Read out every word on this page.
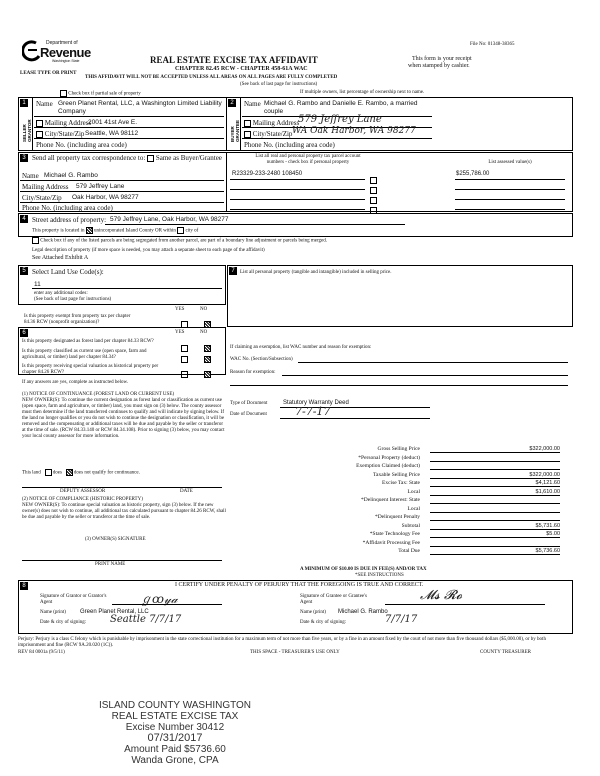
File No: 01348-38365
Department of
Revenue
Washington State
LEASE TYPE OR PRINT
REAL ESTATE EXCISE TAX AFFIDAVIT
CHAPTER 82.45 RCW - CHAPTER 458-61A WAC
This form is your receipt
when stamped by cashier.
THIS AFFIDAVIT WILL NOT BE ACCEPTED UNLESS ALL AREAS ON ALL PAGES ARE FULLY COMPLETED
(See back of last page for instructions)
Check box if partial sale of property	If multiple owners, list percentage of ownership next to name.
1
SELLER GRANTOR
Name Green Planet Rental, LLC, a Washington Limited Liability
Company
Mailing Address
2001 41st Ave E.
City/State/Zip Seattle, WA 98112
Phone No. (including area code)
2
BUYER GRANTEE
Name Michael G. Rambo and Danielle E. Rambo, a married
couple
Mailing Address
579 Jeffrey Lane
City/State/Zip WA Oak Harbor, WA 98277
Phone No. (including area code)
3 Send all property tax correspondence to: Same as Buyer/Grantee
Name Michael G. Rambo
Mailing Address 579 Jeffrey Lane
City/State/Zip Oak Harbor, WA 98277
Phone No. (including area code)
List all real and personal property tax parcel account
numbers - check box if personal property	List assessed value(s)
R23329-233-2480 108450	$255,786.00
4 Street address of property: 579 Jeffrey Lane, Oak Harbor, WA 98277
This property is located in unincorporated Island County OR within city of
Check box if any of the listed parcels are being segregated from another parcel, are part of a boundary line adjustment or parcels being merged.
Legal description of property (if more space is needed, you may attach a separate sheet to each page of the affidavit)
See Attached Exhibit A
5 Select Land Use Code(s):
11
enter any additional codes:
(See back of last page for instructions)
YES	NO
Is this property exempt from property tax per chapter
84.36 RCW (nonprofit organization)?
6	YES	NO
Is this property designated as forest land per chapter 84.33 RCW?
Is this property classified as current use (open space, farm and agricultural, or timber) land per chapter 84.34?
Is this property receiving special valuation as historical property per chapter 84.26 RCW?
If any answers are yes, complete as instructed below.
(1) NOTICE OF CONTINUANCE (FOREST LAND OR CURRENT USE)
NEW OWNER(S): To continue the current designation as forest land or classification as current use (open space, farm and agriculture, or timber) land, you must sign on (3) below. The county assessor must then determine if the land transferred continues to qualify and will indicate by signing below. If the land no longer qualifies or you do not wish to continue the designation or classification, it will be removed and the compensating or additional taxes will be due and payable by the seller or transferor at the time of sale. (RCW 84.33.140 or RCW 84.34.108). Prior to signing (3) below, you may contact your local county assessor for more information.
This land does does not qualify for continuance.
DEPUTY ASSESSOR	DATE
(2) NOTICE OF COMPLIANCE (HISTORIC PROPERTY)
NEW OWNER(S): To continue special valuation as historic property, sign (3) below. If the new owner(s) does not wish to continue, all additional tax calculated pursuant to chapter 84.26 RCW, shall be due and payable by the seller or transferor at the time of sale.
(3) OWNER(S) SIGNATURE
PRINT NAME
7	List all personal property (tangible and intangible) included in selling price.
If claiming an exemption, list WAC number and reason for exemption:
WAC No. (Section/Subsection)
Reason for exemption:
Type of Document	Statutory Warranty Deed
Date of Document	7-7-17
Gross Selling Price	$322,000.00
*Personal Property (deduct)
Exemption Claimed (deduct)
Taxable Selling Price	$322,000.00
Excise Tax: State	$4,121.60
Local	$1,610.00
*Delinquent Interest: State
Local
*Delinquent Penalty
Subtotal	$5,731.60
*State Technology Fee	$5.00
*Affidavit Processing Fee
Total Due	$5,736.60
A MINIMUM OF $10.00 IS DUE IN FEE(S) AND/OR TAX
*SEE INSTRUCTIONS
8	I CERTIFY UNDER PENALTY OF PERJURY THAT THE FOREGOING IS TRUE AND CORRECT.
Signature of Grantor or Grantor's Agent	ℊꝏ𝓎𝒶
Name (print) Green Planet Rental, LLC
Date & city of signing: Seattle 7/7/17
Signature of Grantee or Grantee's Agent	𝓜𝓼 𝓡𝓸
Name (print) Michael G. Rambo
Date & city of signing:	7/7/17
Perjury: Perjury is a class C felony which is punishable by imprisonment in the state correctional institution for a maximum term of not more than five years, or by a fine in an amount fixed by the court of not more than five thousand dollars ($5,000.00), or by both imprisonment and fine (RCW 9A.20.020 (1C)).
REV 84 0001a (9/5/11)	THIS SPACE - TREASURER'S USE ONLY	COUNTY TREASURER
ISLAND COUNTY WASHINGTON
REAL ESTATE EXCISE TAX
Excise Number 30412
07/31/2017
Amount Paid $5736.60
Wanda Grone, CPA
